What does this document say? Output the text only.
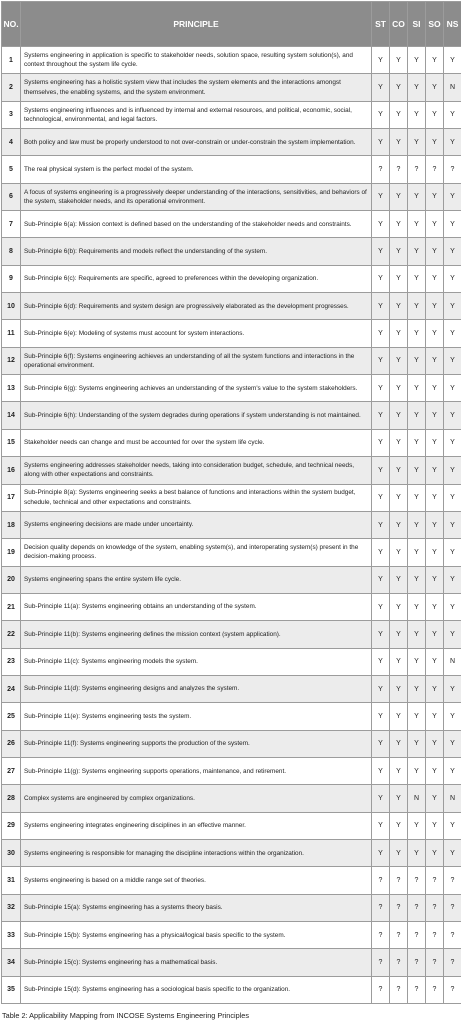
NO.	PRINCIPLE	ST	CO	SI	SO	NS
1	Systems engineering in application is specific to stakeholder needs, solution space, resulting system solution(s), and context throughout the system life cycle.	Y	Y	Y	Y	Y
2	Systems engineering has a holistic system view that includes the system elements and the interactions amongst themselves, the enabling systems, and the system environment.	Y	Y	Y	Y	N
3	Systems engineering influences and is influenced by internal and external resources, and political, economic, social, technological, environmental, and legal factors.	Y	Y	Y	Y	Y
4	Both policy and law must be properly understood to not over-constrain or under-constrain the system implementation.	Y	Y	Y	Y	Y
5	The real physical system is the perfect model of the system.	?	?	?	?	?
6	A focus of systems engineering is a progressively deeper understanding of the interactions, sensitivities, and behaviors of the system, stakeholder needs, and its operational environment.	Y	Y	Y	Y	Y
7	Sub-Principle 6(a): Mission context is defined based on the understanding of the stakeholder needs and constraints.	Y	Y	Y	Y	Y
8	Sub-Principle 6(b): Requirements and models reflect the understanding of the system.	Y	Y	Y	Y	Y
9	Sub-Principle 6(c): Requirements are specific, agreed to preferences within the developing organization.	Y	Y	Y	Y	Y
10	Sub-Principle 6(d): Requirements and system design are progressively elaborated as the development progresses.	Y	Y	Y	Y	Y
11	Sub-Principle 6(e): Modeling of systems must account for system interactions.	Y	Y	Y	Y	Y
12	Sub-Principle 6(f): Systems engineering achieves an understanding of all the system functions and interactions in the operational environment.	Y	Y	Y	Y	Y
13	Sub-Principle 6(g): Systems engineering achieves an understanding of the system's value to the system stakeholders.	Y	Y	Y	Y	Y
14	Sub-Principle 6(h): Understanding of the system degrades during operations if system understanding is not maintained.	Y	Y	Y	Y	Y
15	Stakeholder needs can change and must be accounted for over the system life cycle.	Y	Y	Y	Y	Y
16	Systems engineering addresses stakeholder needs, taking into consideration budget, schedule, and technical needs, along with other expectations and constraints.	Y	Y	Y	Y	Y
17	Sub-Principle 8(a): Systems engineering seeks a best balance of functions and interactions within the system budget, schedule, technical and other expectations and constraints.	Y	Y	Y	Y	Y
18	Systems engineering decisions are made under uncertainty.	Y	Y	Y	Y	Y
19	Decision quality depends on knowledge of the system, enabling system(s), and interoperating system(s) present in the decision-making process.	Y	Y	Y	Y	Y
20	Systems engineering spans the entire system life cycle.	Y	Y	Y	Y	Y
21	Sub-Principle 11(a): Systems engineering obtains an understanding of the system.	Y	Y	Y	Y	Y
22	Sub-Principle 11(b): Systems engineering defines the mission context (system application).	Y	Y	Y	Y	Y
23	Sub-Principle 11(c): Systems engineering models the system.	Y	Y	Y	Y	N
24	Sub-Principle 11(d): Systems engineering designs and analyzes the system.	Y	Y	Y	Y	Y
25	Sub-Principle 11(e): Systems engineering tests the system.	Y	Y	Y	Y	Y
26	Sub-Principle 11(f): Systems engineering supports the production of the system.	Y	Y	Y	Y	Y
27	Sub-Principle 11(g): Systems engineering supports operations, maintenance, and retirement.	Y	Y	Y	Y	Y
28	Complex systems are engineered by complex organizations.	Y	Y	N	Y	N
29	Systems engineering integrates engineering disciplines in an effective manner.	Y	Y	Y	Y	Y
30	Systems engineering is responsible for managing the discipline interactions within the organization.	Y	Y	Y	Y	Y
31	Systems engineering is based on a middle range set of theories.	?	?	?	?	?
32	Sub-Principle 15(a): Systems engineering has a systems theory basis.	?	?	?	?	?
33	Sub-Principle 15(b): Systems engineering has a physical/logical basis specific to the system.	?	?	?	?	?
34	Sub-Principle 15(c): Systems engineering has a mathematical basis.	?	?	?	?	?
35	Sub-Principle 15(d): Systems engineering has a sociological basis specific to the organization.	?	?	?	?	?
Table 2: Applicability Mapping from INCOSE Systems Engineering Principles
